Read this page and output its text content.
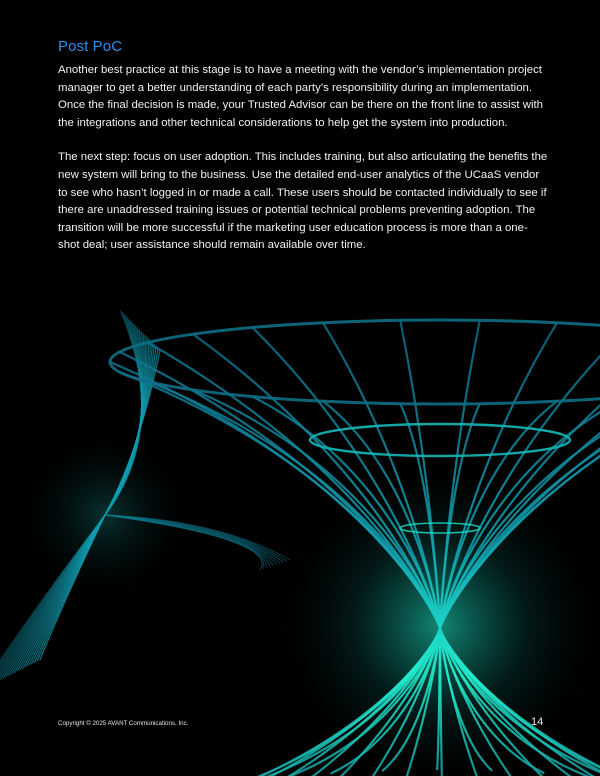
Post PoC

Another best practice at this stage is to have a meeting with the vendor’s implementation project manager to get a better understanding of each party’s responsibility during an implementation. Once the final decision is made, your Trusted Advisor can be there on the front line to assist with the integrations and other technical considerations to help get the system into production.

The next step: focus on user adoption. This includes training, but also articulating the benefits the new system will bring to the business. Use the detailed end-user analytics of the UCaaS vendor to see who hasn’t logged in or made a call. These users should be contacted individually to see if there are unaddressed training issues or potential technical problems preventing adoption. The transition will be more successful if the marketing user education process is more than a one-shot deal; user assistance should remain available over time.

Copyright © 2025 AVANT Communications, Inc.	14
